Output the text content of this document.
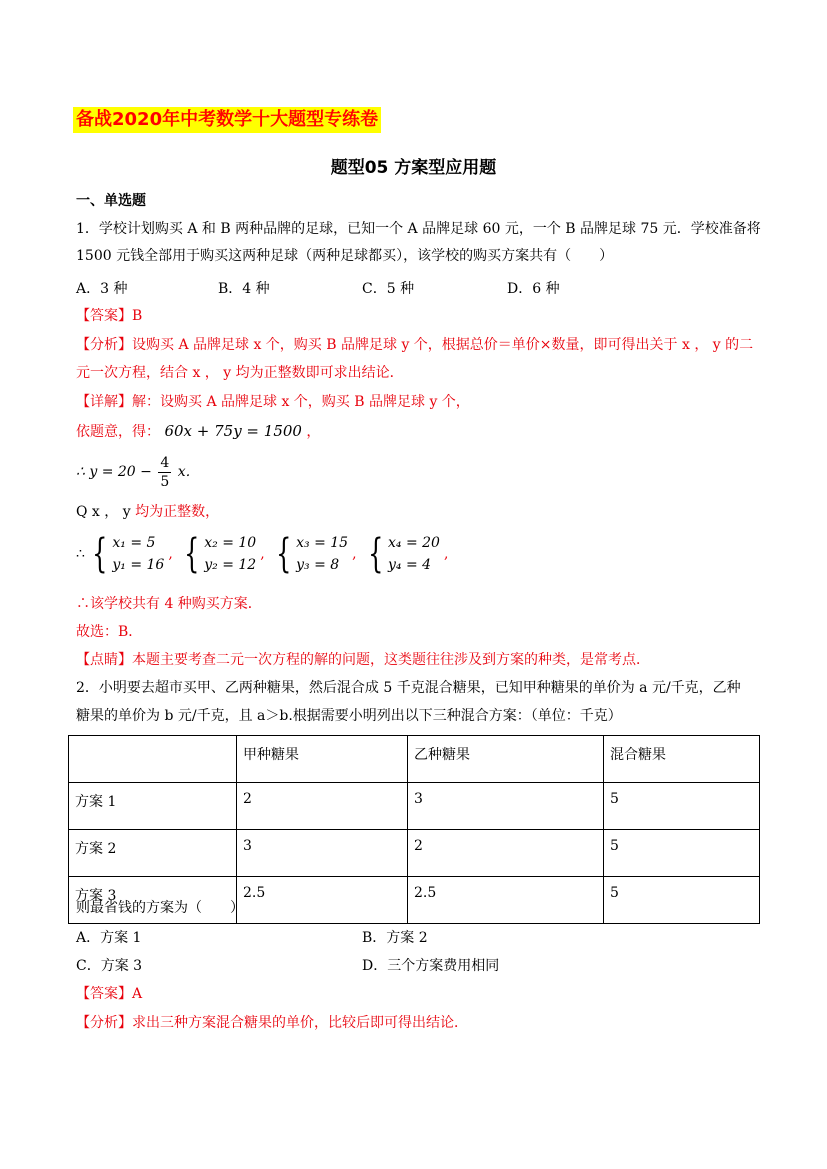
备战2020年中考数学十大题型专练卷
题型05 方案型应用题
一、单选题
1．学校计划购买 A 和 B 两种品牌的足球，已知一个 A 品牌足球 60 元，一个 B 品牌足球 75 元．学校准备将
1500 元钱全部用于购买这两种足球（两种足球都买），该学校的购买方案共有（　　）
A．3 种	B．4 种	C．5 种	D．6 种
【答案】B
【分析】设购买 A 品牌足球 x 个，购买 B 品牌足球 y 个，根据总价＝单价×数量，即可得出关于 x ， y 的二
元一次方程，结合 x ， y 均为正整数即可求出结论．
【详解】解：设购买 A 品牌足球 x 个，购买 B 品牌足球 y 个，
依题意，得： 60x + 75y = 1500 ，
∴ $y = 20 - \frac{4}{5}$ x．
Q x ， y 均为正整数，
∴ { x₁ = 5
y₁ = 16
, { x₂ = 10
y₂ = 12
, { x₃ = 15
y₃ = 8
, { x₄ = 20
y₄ = 4
,
∴该学校共有 4 种购买方案．
故选：B．
【点睛】本题主要考查二元一次方程的解的问题，这类题往往涉及到方案的种类，是常考点．
2．小明要去超市买甲、乙两种糖果，然后混合成 5 千克混合糖果，已知甲种糖果的单价为 a 元/千克，乙种
糖果的单价为 b 元/千克，且 a＞b.根据需要小明列出以下三种混合方案：（单位：千克）
	甲种糖果	乙种糖果	混合糖果
方案 1	2	3	5
方案 2	3	2	5
方案 3	2.5	2.5	5
则最省钱的方案为（　　）
A．方案 1	B．方案 2
C．方案 3	D．三个方案费用相同
【答案】A
【分析】求出三种方案混合糖果的单价，比较后即可得出结论．
